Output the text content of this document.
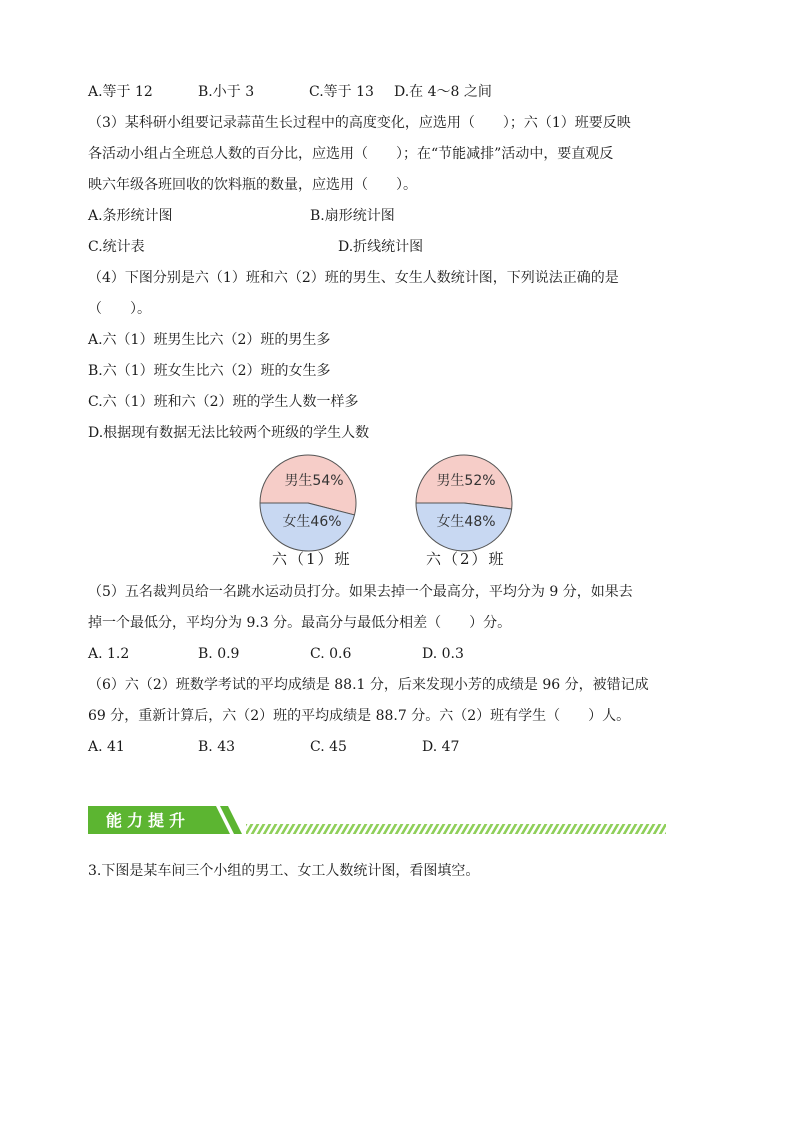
A.等于 12	B.小于 3	C.等于 13 D.在 4～8 之间
（3）某科研小组要记录蒜苗生长过程中的高度变化，应选用（　　）；六（1）班要反映
各活动小组占全班总人数的百分比，应选用（　　）；在“节能减排”活动中，要直观反
映六年级各班回收的饮料瓶的数量，应选用（　　）。
A.条形统计图	B.扇形统计图
C.统计表	D.折线统计图
（4）下图分别是六（1）班和六（2）班的男生、女生人数统计图，下列说法正确的是
（　　）。
A.六（1）班男生比六（2）班的男生多
B.六（1）班女生比六（2）班的女生多
C.六（1）班和六（2）班的学生人数一样多
D.根据现有数据无法比较两个班级的学生人数
男生54%
女生46%
六（1）班
男生52%
女生48%
六（2）班
（5）五名裁判员给一名跳水运动员打分。如果去掉一个最高分，平均分为 9 分，如果去
掉一个最低分，平均分为 9.3 分。最高分与最低分相差（　　）分。
A. 1.2	B. 0.9	C. 0.6	D. 0.3
（6）六（2）班数学考试的平均成绩是 88.1 分，后来发现小芳的成绩是 96 分，被错记成
69 分，重新计算后，六（2）班的平均成绩是 88.7 分。六（2）班有学生（　　）人。
A. 41	B. 43	C. 45	D. 47
能力提升
3.下图是某车间三个小组的男工、女工人数统计图，看图填空。
